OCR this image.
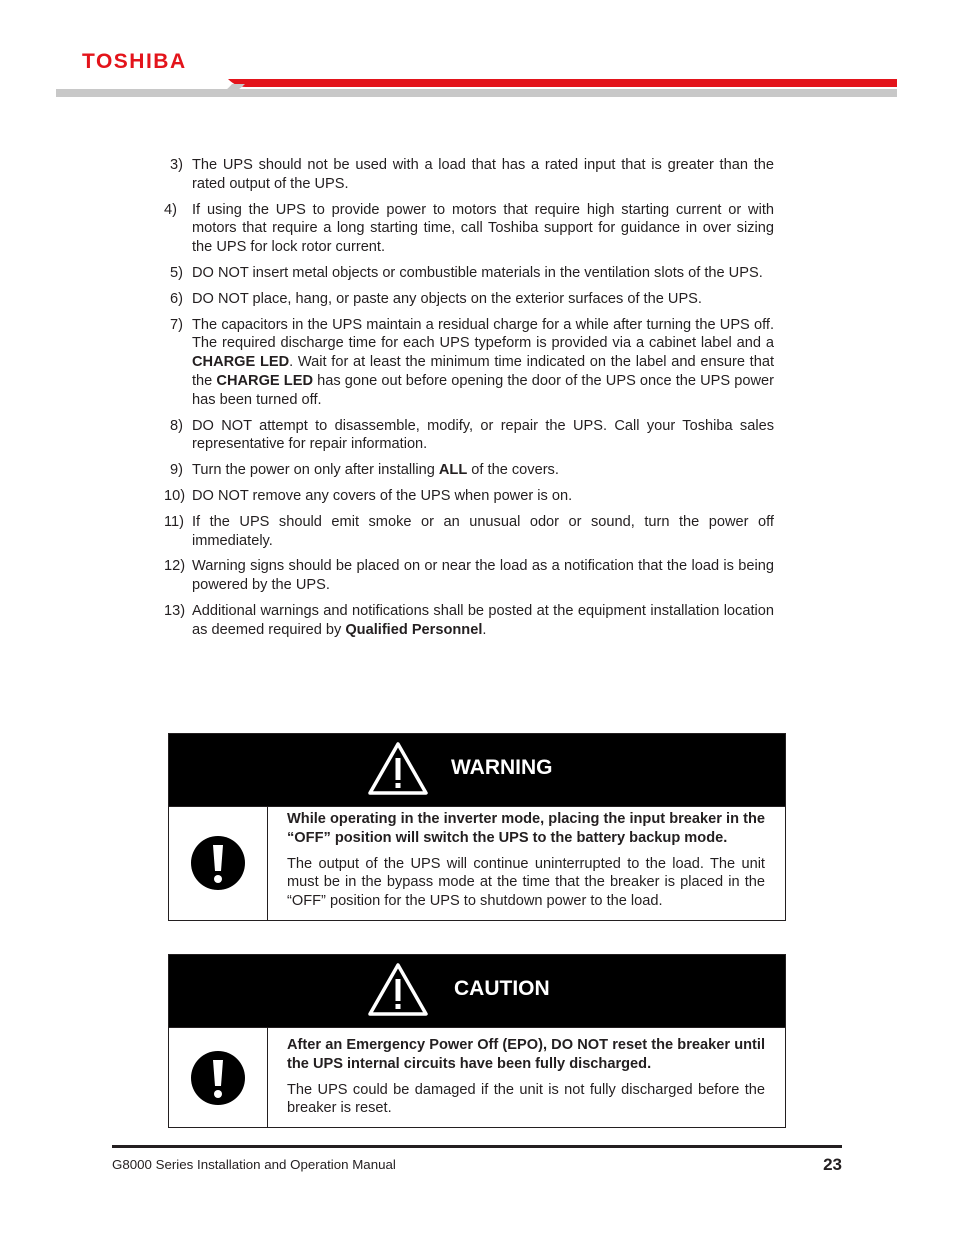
TOSHIBA
3) The UPS should not be used with a load that has a rated input that is greater than the rated output of the UPS.
4) If using the UPS to provide power to motors that require high starting current or with motors that require a long starting time, call Toshiba support for guidance in over sizing the UPS for lock rotor current.
5) DO NOT insert metal objects or combustible materials in the ventilation slots of the UPS.
6) DO NOT place, hang, or paste any objects on the exterior surfaces of the UPS.
7) The capacitors in the UPS maintain a residual charge for a while after turning the UPS off. The required discharge time for each UPS typeform is provided via a cabinet label and a CHARGE LED. Wait for at least the minimum time indicated on the label and ensure that the CHARGE LED has gone out before opening the door of the UPS once the UPS power has been turned off.
8) DO NOT attempt to disassemble, modify, or repair the UPS. Call your Toshiba sales representative for repair information.
9) Turn the power on only after installing ALL of the covers.
10) DO NOT remove any covers of the UPS when power is on.
11) If the UPS should emit smoke or an unusual odor or sound, turn the power off immediately.
12) Warning signs should be placed on or near the load as a notification that the load is being powered by the UPS.
13) Additional warnings and notifications shall be posted at the equipment installation location as deemed required by Qualified Personnel.
WARNING

While operating in the inverter mode, placing the input breaker in the “OFF” position will switch the UPS to the battery backup mode.

The output of the UPS will continue uninterrupted to the load. The unit must be in the bypass mode at the time that the breaker is placed in the “OFF” position for the UPS to shutdown power to the load.

CAUTION

After an Emergency Power Off (EPO), DO NOT reset the breaker until the UPS internal circuits have been fully discharged.

The UPS could be damaged if the unit is not fully discharged before the breaker is reset.

G8000 Series Installation and Operation Manual	23
